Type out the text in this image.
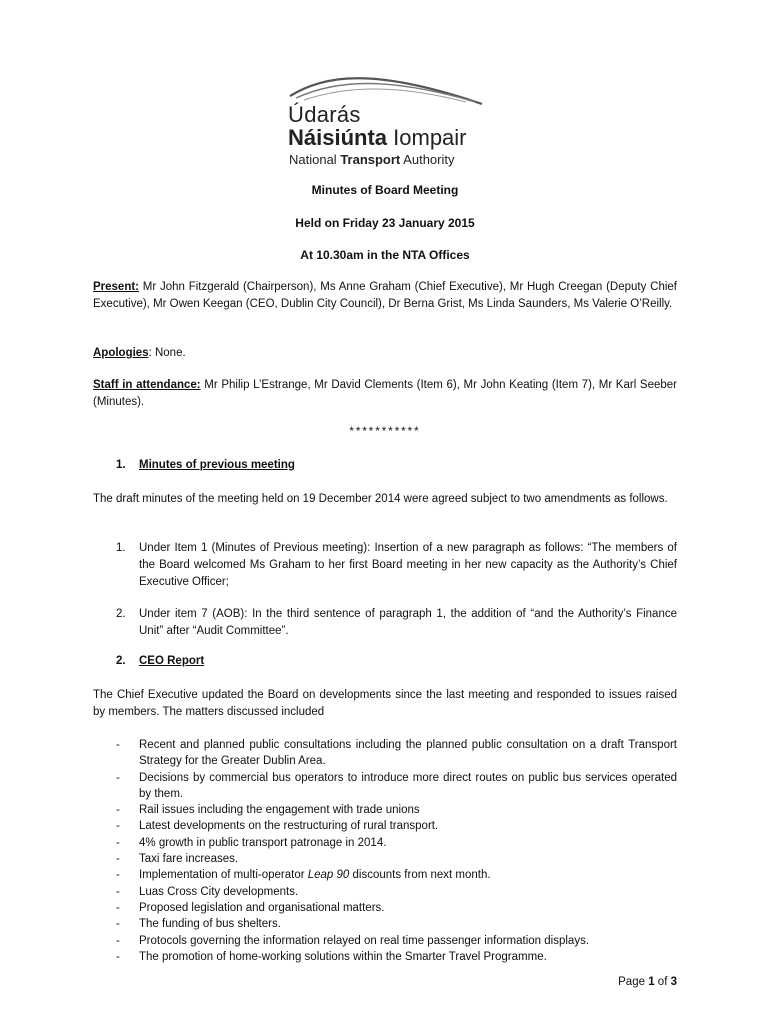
Údarás
Náisiúnta Iompair
National Transport Authority
Minutes of Board Meeting
Held on Friday 23 January 2015
At 10.30am in the NTA Offices
Present: Mr John Fitzgerald (Chairperson), Ms Anne Graham (Chief Executive), Mr Hugh Creegan (Deputy Chief Executive), Mr Owen Keegan (CEO, Dublin City Council), Dr Berna Grist, Ms Linda Saunders, Ms Valerie O’Reilly.
Apologies: None.
Staff in attendance: Mr Philip L’Estrange, Mr David Clements (Item 6), Mr John Keating (Item 7), Mr Karl Seeber (Minutes).
***********
1. Minutes of previous meeting
The draft minutes of the meeting held on 19 December 2014 were agreed subject to two amendments as follows.
1. Under Item 1 (Minutes of Previous meeting): Insertion of a new paragraph as follows: “The members of the Board welcomed Ms Graham to her first Board meeting in her new capacity as the Authority’s Chief Executive Officer;
2. Under item 7 (AOB): In the third sentence of paragraph 1, the addition of “and the Authority’s Finance Unit” after “Audit Committee”.
2. CEO Report
The Chief Executive updated the Board on developments since the last meeting and responded to issues raised by members. The matters discussed included
- Recent and planned public consultations including the planned public consultation on a draft Transport Strategy for the Greater Dublin Area.
- Decisions by commercial bus operators to introduce more direct routes on public bus services operated by them.
- Rail issues including the engagement with trade unions
- Latest developments on the restructuring of rural transport.
- 4% growth in public transport patronage in 2014.
- Taxi fare increases.
- Implementation of multi-operator Leap 90 discounts from next month.
- Luas Cross City developments.
- Proposed legislation and organisational matters.
- The funding of bus shelters.
- Protocols governing the information relayed on real time passenger information displays.
- The promotion of home-working solutions within the Smarter Travel Programme.
Page 1 of 3
